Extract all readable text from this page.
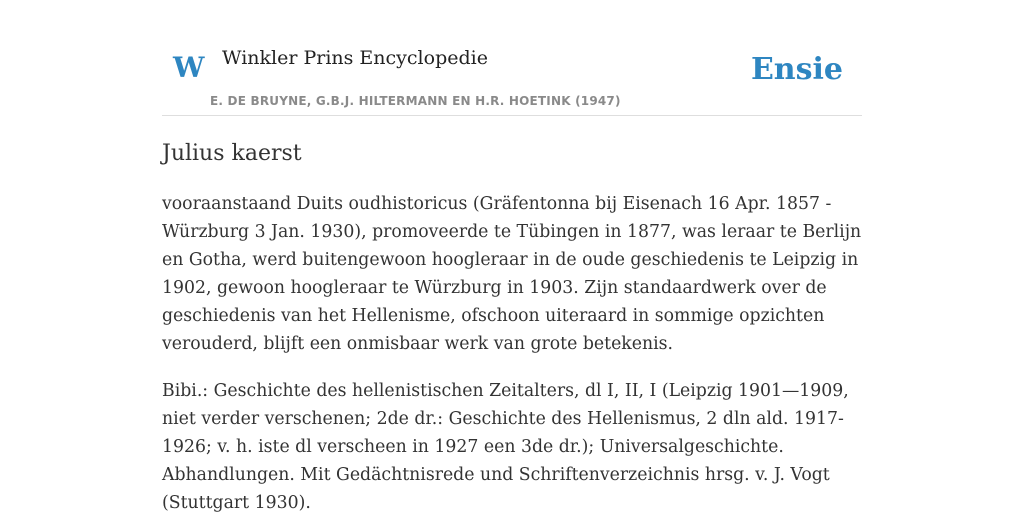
W Winkler Prins Encyclopedie
E. DE BRUYNE, G.B.J. HILTERMANN EN H.R. HOETINK (1947)
Ensie
Julius kaerst

vooraanstaand Duits oudhistoricus (Gräfentonna bij Eisenach 16 Apr. 1857 - Würzburg 3 Jan. 1930), promoveerde te Tübingen in 1877, was leraar te Berlijn en Gotha, werd buitengewoon hoogleraar in de oude geschiedenis te Leipzig in 1902, gewoon hoogleraar te Würzburg in 1903. Zijn standaardwerk over de geschiedenis van het Hellenisme, ofschoon uiteraard in sommige opzichten verouderd, blijft een onmisbaar werk van grote betekenis.

Bibi.: Geschichte des hellenistischen Zeitalters, dl I, II, I (Leipzig 1901—1909, niet verder verschenen; 2de dr.: Geschichte des Hellenismus, 2 dln ald. 1917-1926; v. h. iste dl verscheen in 1927 een 3de dr.); Universalgeschichte. Abhandlungen. Mit Gedächtnisrede und Schriftenverzeichnis hrsg. v. J. Vogt (Stuttgart 1930).
